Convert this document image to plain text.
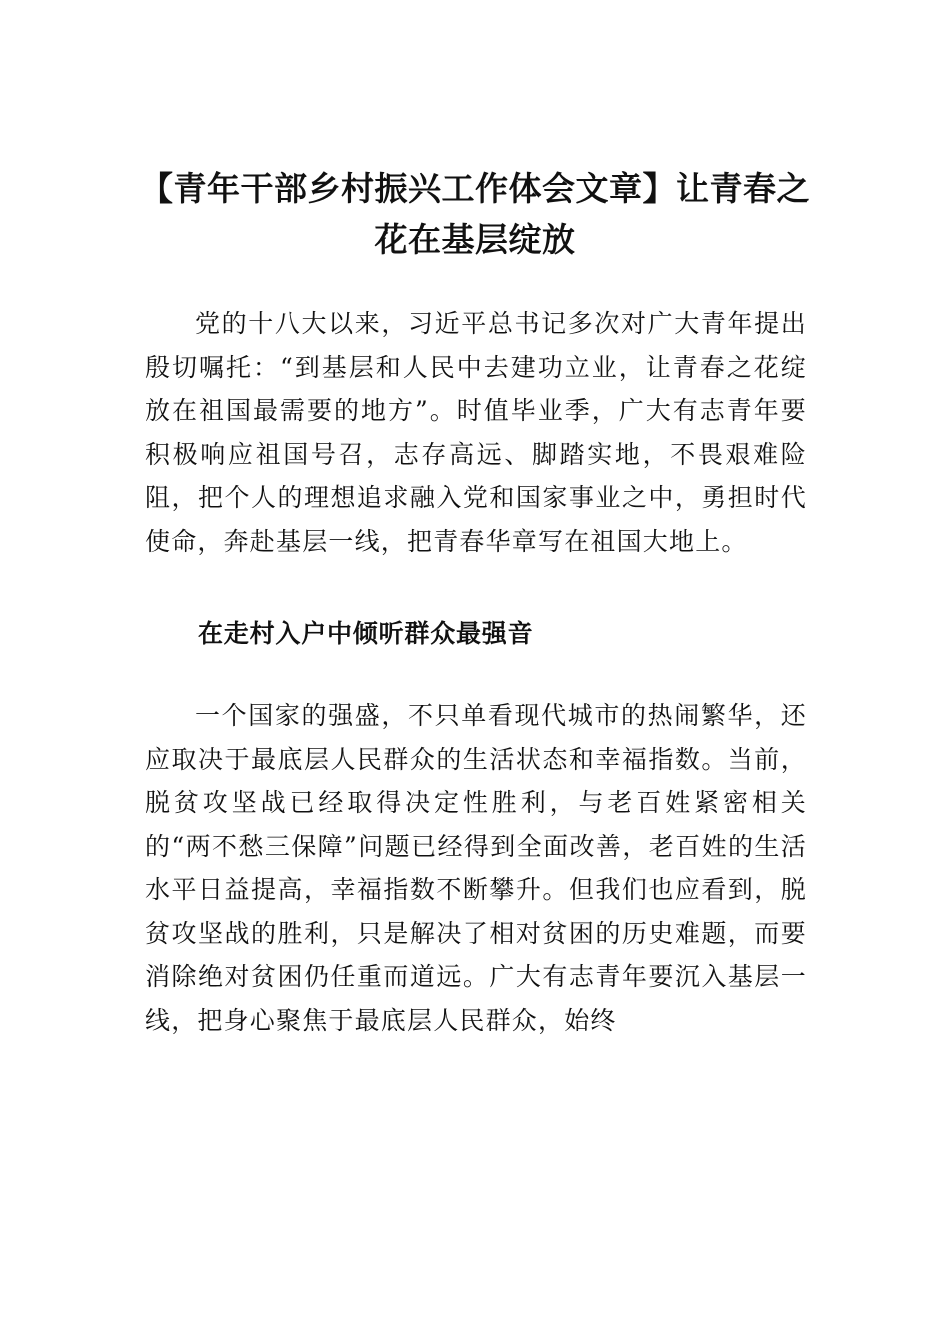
【青年干部乡村振兴工作体会文章】让青春之花在基层绽放

党的十八大以来，习近平总书记多次对广大青年提出殷切嘱托：“到基层和人民中去建功立业，让青春之花绽放在祖国最需要的地方”。时值毕业季，广大有志青年要积极响应祖国号召，志存高远、脚踏实地，不畏艰难险阻，把个人的理想追求融入党和国家事业之中，勇担时代使命，奔赴基层一线，把青春华章写在祖国大地上。

在走村入户中倾听群众最强音

一个国家的强盛，不只单看现代城市的热闹繁华，还应取决于最底层人民群众的生活状态和幸福指数。当前，脱贫攻坚战已经取得决定性胜利，与老百姓紧密相关的“两不愁三保障”问题已经得到全面改善，老百姓的生活水平日益提高，幸福指数不断攀升。但我们也应看到，脱贫攻坚战的胜利，只是解决了相对贫困的历史难题，而要消除绝对贫困仍任重而道远。广大有志青年要沉入基层一线，把身心聚焦于最底层人民群众，始终
